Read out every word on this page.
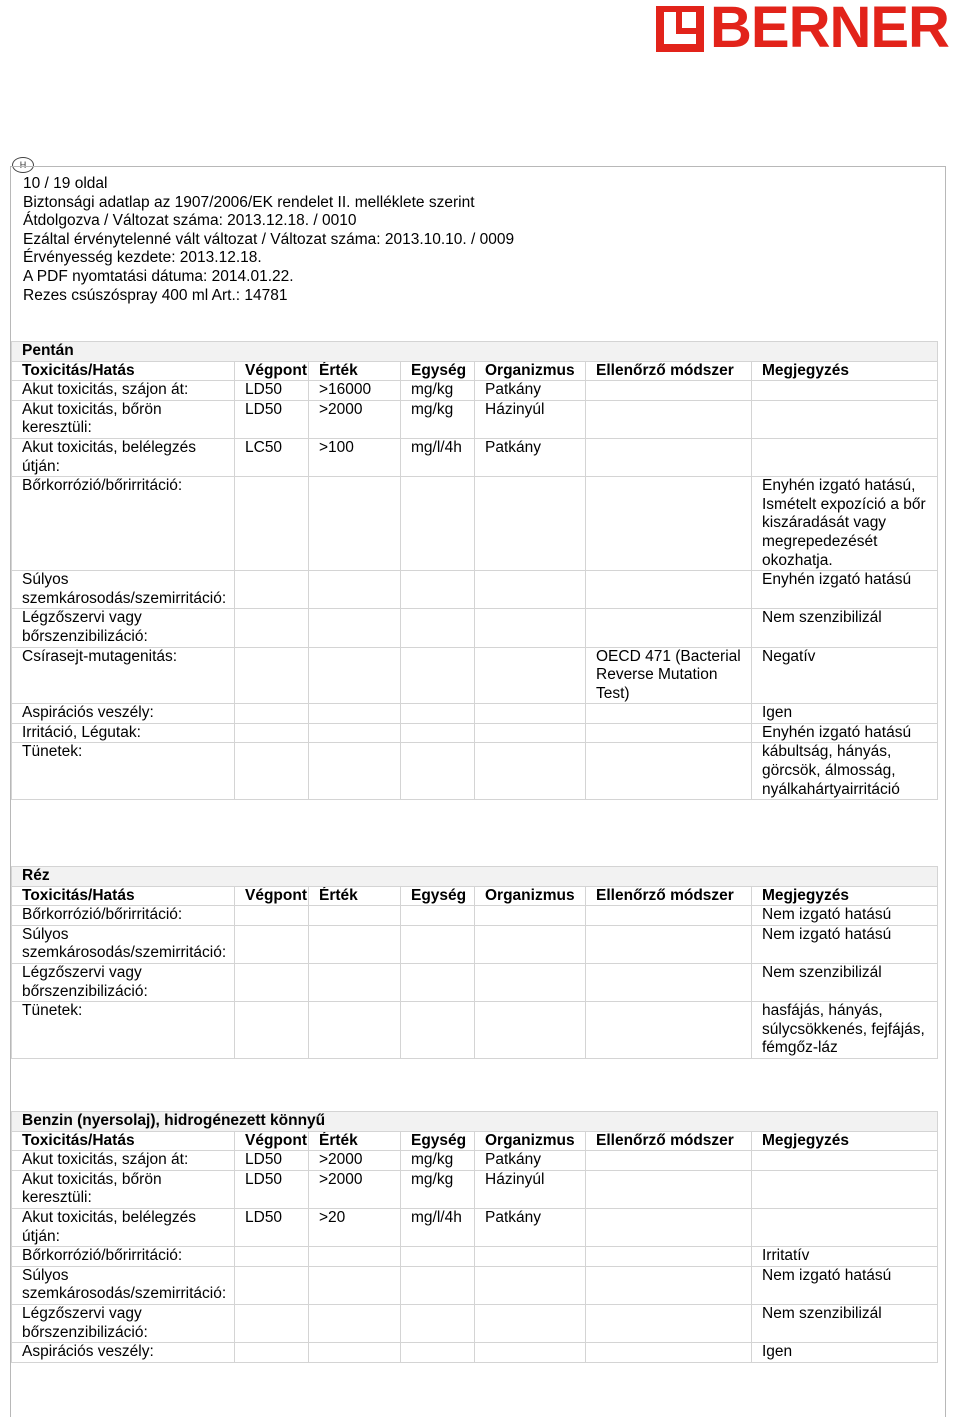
BERNER
H
10 / 19 oldal
Biztonsági adatlap az 1907/2006/EK rendelet II. melléklete szerint
Átdolgozva / Változat száma: 2013.12.18. / 0010
Ezáltal érvénytelenné vált változat / Változat száma: 2013.10.10. / 0009
Érvényesség kezdete: 2013.12.18.
A PDF nyomtatási dátuma: 2014.01.22.
Rezes csúszóspray 400 ml Art.: 14781
Pentán						
Toxicitás/Hatás	Végpont	Érték	Egység	Organizmus	Ellenőrző módszer	Megjegyzés
Akut toxicitás, szájon át:	LD50	>16000	mg/kg	Patkány		
Akut toxicitás, bőrön keresztüli:	LD50	>2000	mg/kg	Házinyúl		
Akut toxicitás, belélegzés útján:	LC50	>100	mg/l/4h	Patkány		
Bőrkorrózió/bőrirritáció:						Enyhén izgató hatású, Ismételt expozíció a bőr kiszáradását vagy megrepedezését okozhatja.
Súlyos szemkárosodás/szemirritáció:						Enyhén izgató hatású
Légzőszervi vagy bőrszenzibilizáció:						Nem szenzibilizál
Csírasejt-mutagenitás:					OECD 471 (Bacterial Reverse Mutation Test)	Negatív
Aspirációs veszély:						Igen
Irritáció, Légutak:						Enyhén izgató hatású
Tünetek:						kábultság, hányás, görcsök, álmosság, nyálkahártyairritáció
Réz						
Toxicitás/Hatás	Végpont	Érték	Egység	Organizmus	Ellenőrző módszer	Megjegyzés
Bőrkorrózió/bőrirritáció:						Nem izgató hatású
Súlyos szemkárosodás/szemirritáció:						Nem izgató hatású
Légzőszervi vagy bőrszenzibilizáció:						Nem szenzibilizál
Tünetek:						hasfájás, hányás, súlycsökkenés, fejfájás, fémgőz-láz
Benzin (nyersolaj), hidrogénezett könnyű						
Toxicitás/Hatás	Végpont	Érték	Egység	Organizmus	Ellenőrző módszer	Megjegyzés
Akut toxicitás, szájon át:	LD50	>2000	mg/kg	Patkány		
Akut toxicitás, bőrön keresztüli:	LD50	>2000	mg/kg	Házinyúl		
Akut toxicitás, belélegzés útján:	LD50	>20	mg/l/4h	Patkány		
Bőrkorrózió/bőrirritáció:						Irritatív
Súlyos szemkárosodás/szemirritáció:						Nem izgató hatású
Légzőszervi vagy bőrszenzibilizáció:						Nem szenzibilizál
Aspirációs veszély:						Igen
